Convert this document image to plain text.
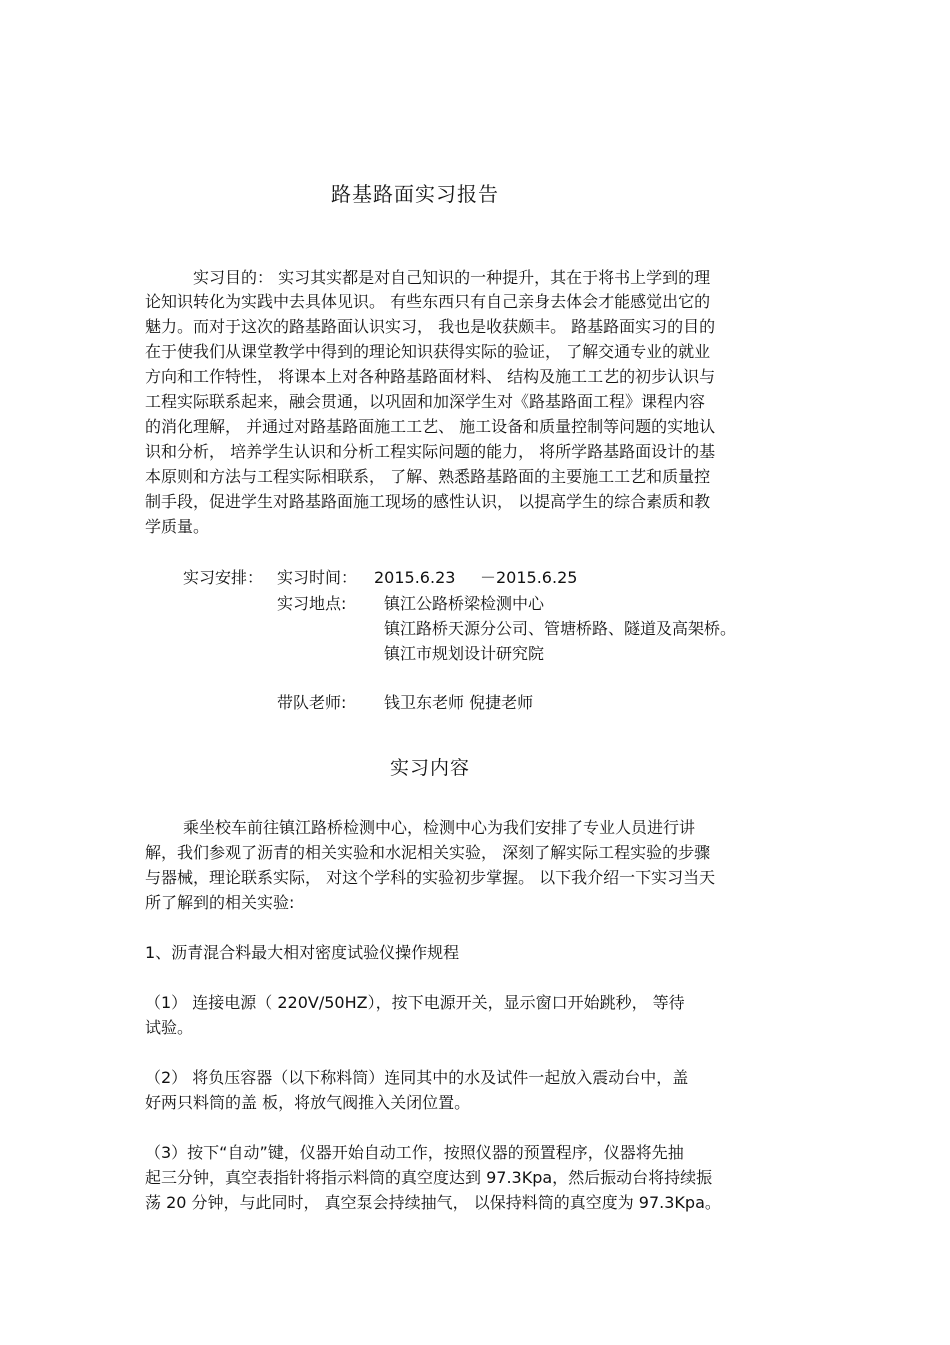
路基路面实习报告
实习目的： 实习其实都是对自己知识的一种提升，其在于将书上学到的理
论知识转化为实践中去具体见识。 有些东西只有自己亲身去体会才能感觉出它的
魅力。而对于这次的路基路面认识实习， 我也是收获颇丰。 路基路面实习的目的
在于使我们从课堂教学中得到的理论知识获得实际的验证， 了解交通专业的就业
方向和工作特性， 将课本上对各种路基路面材料、 结构及施工工艺的初步认识与
工程实际联系起来，融会贯通，以巩固和加深学生对《路基路面工程》课程内容
的消化理解， 并通过对路基路面施工工艺、 施工设备和质量控制等问题的实地认
识和分析， 培养学生认识和分析工程实际问题的能力， 将所学路基路面设计的基
本原则和方法与工程实际相联系， 了解、熟悉路基路面的主要施工工艺和质量控
制手段，促进学生对路基路面施工现场的感性认识， 以提高学生的综合素质和教
学质量。
实习安排： 实习时间： 2015.6.23 －2015.6.25
实习地点: 镇江公路桥梁检测中心
镇江路桥天源分公司、管塘桥路、隧道及高架桥。
镇江市规划设计研究院
带队老师: 钱卫东老师 倪捷老师
实习内容
乘坐校车前往镇江路桥检测中心，检测中心为我们安排了专业人员进行讲
解，我们参观了沥青的相关实验和水泥相关实验， 深刻了解实际工程实验的步骤
与器械，理论联系实际， 对这个学科的实验初步掌握。 以下我介绍一下实习当天
所了解到的相关实验:
1、沥青混合料最大相对密度试验仪操作规程
（1） 连接电源（ 220V/50HZ），按下电源开关，显示窗口开始跳秒， 等待
试验。
（2） 将负压容器（以下称料筒）连同其中的水及试件一起放入震动台中，盖
好两只料筒的盖 板，将放气阀推入关闭位置。
（3）按下“自动”键，仪器开始自动工作，按照仪器的预置程序，仪器将先抽
起三分钟，真空表指针将指示料筒的真空度达到 97.3Kpa，然后振动台将持续振
荡 20 分钟，与此同时， 真空泵会持续抽气， 以保持料筒的真空度为 97.3Kpa。
